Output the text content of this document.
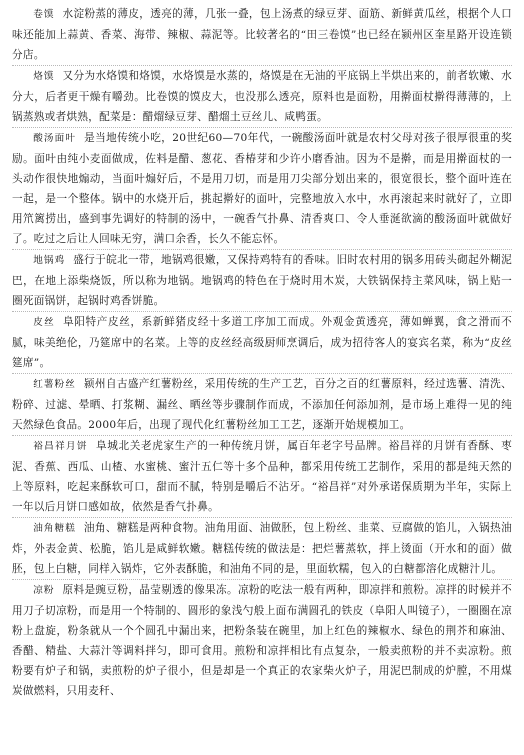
卷馍 水淀粉蒸的薄皮，透亮的薄，几张一叠，包上汤煮的绿豆芽、面筋、新鲜黄瓜丝，根据个人口味还能加上蒜黄、香菜、海带、辣椒、蒜泥等。比较著名的“田三卷馍”也已经在颍州区奎星路开设连锁分店。

烙馍 又分为水烙馍和烙馍，水烙馍是水蒸的，烙馍是在无油的平底锅上半烘出来的，前者软嫩、水分大，后者更干燥有嚼劲。比卷馍的馍皮大，也没那么透亮，原料也是面粉，用擀面杖擀得薄薄的，上锅蒸熟或者烘熟，配菜是：醋熘绿豆芽、醋熘土豆丝儿、咸鸭蛋。

酸汤面叶 是当地传统小吃，20世纪60—70年代，一碗酸汤面叶就是农村父母对孩子很厚很重的奖励。面叶由纯小麦面做成，佐料是醋、葱花、香椿芽和少许小磨香油。因为不是擀，而是用擀面杖的一头动作很快地煽动，当面叶煽好后，不是用刀切，而是用刀尖部分划出来的，很宽很长，整个面叶连在一起，是一个整体。锅中的水烧开后，挑起擀好的面叶，完整地放入水中，水再滚起来时就好了，立即用笊篱捞出，盛到事先调好的特制的汤中，一碗香气扑鼻、清香爽口、令人垂涎欲滴的酸汤面叶就做好了。吃过之后让人回味无穷，满口余香，长久不能忘怀。

地锅鸡 盛行于皖北一带，地锅鸡很嫩，又保持鸡特有的香味。旧时农村用的锅多用砖头砌起外糊泥巴，在地上添柴烧饭，所以称为地锅。地锅鸡的特色在于烧时用木炭，大铁锅保持主菜风味，锅上贴一圈死面锅饼，起锅时鸡香饼脆。

皮丝 阜阳特产皮丝，系新鲜猪皮经十多道工序加工而成。外观金黄透亮，薄如蝉翼，食之滑而不腻，味美绝伦，乃筵席中的名菜。上等的皮丝经高级厨师烹调后，成为招待客人的宴宾名菜，称为“皮丝筵席”。

红薯粉丝 颍州自古盛产红薯粉丝，采用传统的生产工艺，百分之百的红薯原料，经过选薯、清洗、粉碎、过滤、晕晒、打浆糊、漏丝、晒丝等步骤制作而成，不添加任何添加剂，是市场上难得一见的纯天然绿色食品。2000年后，出现了现代化红薯粉丝加工工艺，逐渐开始规模加工。

裕昌祥月饼 阜城北关老虎家生产的一种传统月饼，属百年老字号品牌。裕昌祥的月饼有香酥、枣泥、香蕉、西瓜、山楂、水蜜桃、蜜汁五仁等十多个品种，都采用传统工艺制作，采用的都是纯天然的上等原料，吃起来酥软可口，甜而不腻，特别是嚼后不沾牙。“裕昌祥”对外承诺保质期为半年，实际上一年以后月饼口感如故，依然是香气扑鼻。

油角糖糕 油角、糖糕是两种食物。油角用面、油做胚，包上粉丝、韭菜、豆腐做的馅儿，入锅热油炸，外表金黄、松脆，馅儿是咸鲜软嫩。糖糕传统的做法是：把烂薯蒸软，拌上烫面（开水和的面）做胚，包上白糖，同样入锅炸，它外表酥脆，和油角不同的是，里面软糯，包入的白糖都溶化成糖汁儿。

凉粉 原料是豌豆粉，晶莹剔透的像果冻。凉粉的吃法一般有两种，即凉拌和煎粉。凉拌的时候并不用刀子切凉粉，而是用一个特制的、圆形的象浅勺般上面布满圆孔的铁皮（阜阳人叫镜子），一圈圈在凉粉上盘旋，粉条就从一个个圆孔中漏出来，把粉条装在碗里，加上红色的辣椒水、绿色的荆芥和麻油、香醋、精盐、大蒜汁等调料拌匀，即可食用。煎粉和凉拌相比有点复杂，一般卖煎粉的并不卖凉粉。煎粉要有炉子和锅，卖煎粉的炉子很小，但是却是一个真正的农家柴火炉子，用泥巴制成的炉膛，不用煤炭做燃料，只用麦秆、
